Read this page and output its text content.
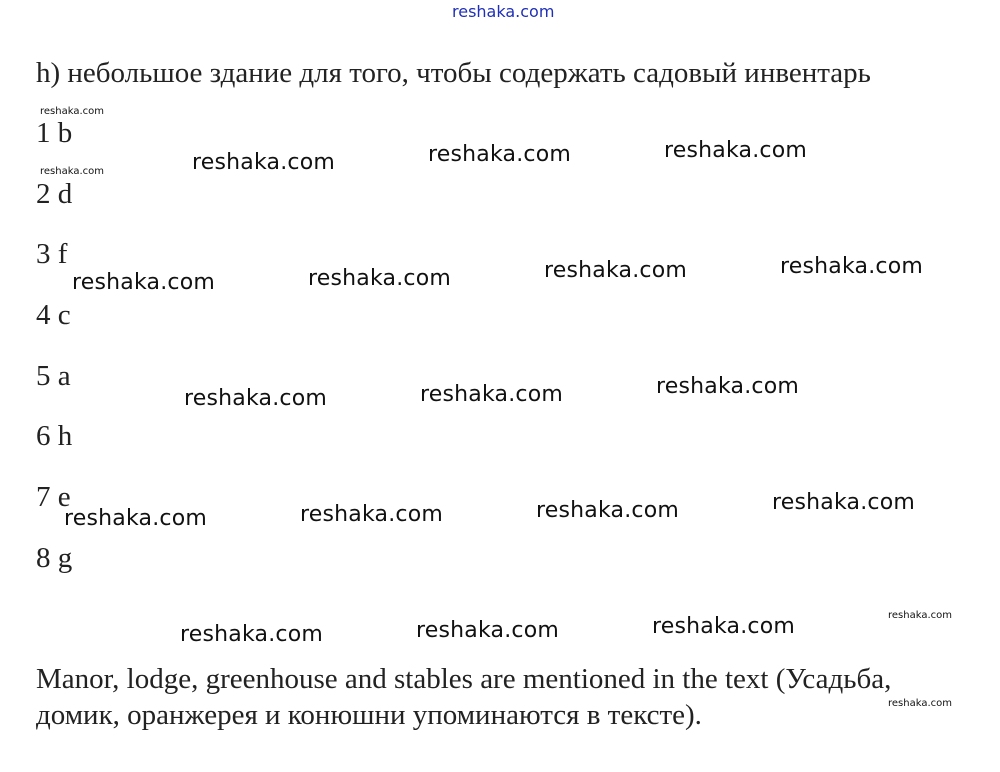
reshaka.com
h) небольшое здание для того, чтобы содержать садовый инвентарь
reshaka.com
reshaka.com
reshaka.com
reshaka.com
1 b
2 d
3 f
4 c
5 a
6 h
7 e
8 g
reshaka.com	reshaka.com	reshaka.com
reshaka.com	reshaka.com	reshaka.com	reshaka.com
reshaka.com	reshaka.com	reshaka.com
reshaka.com	reshaka.com	reshaka.com	reshaka.com
reshaka.com	reshaka.com	reshaka.com
Manor, lodge, greenhouse and stables are mentioned in the text (Усадьба,
домик, оранжерея и конюшни упоминаются в тексте).
